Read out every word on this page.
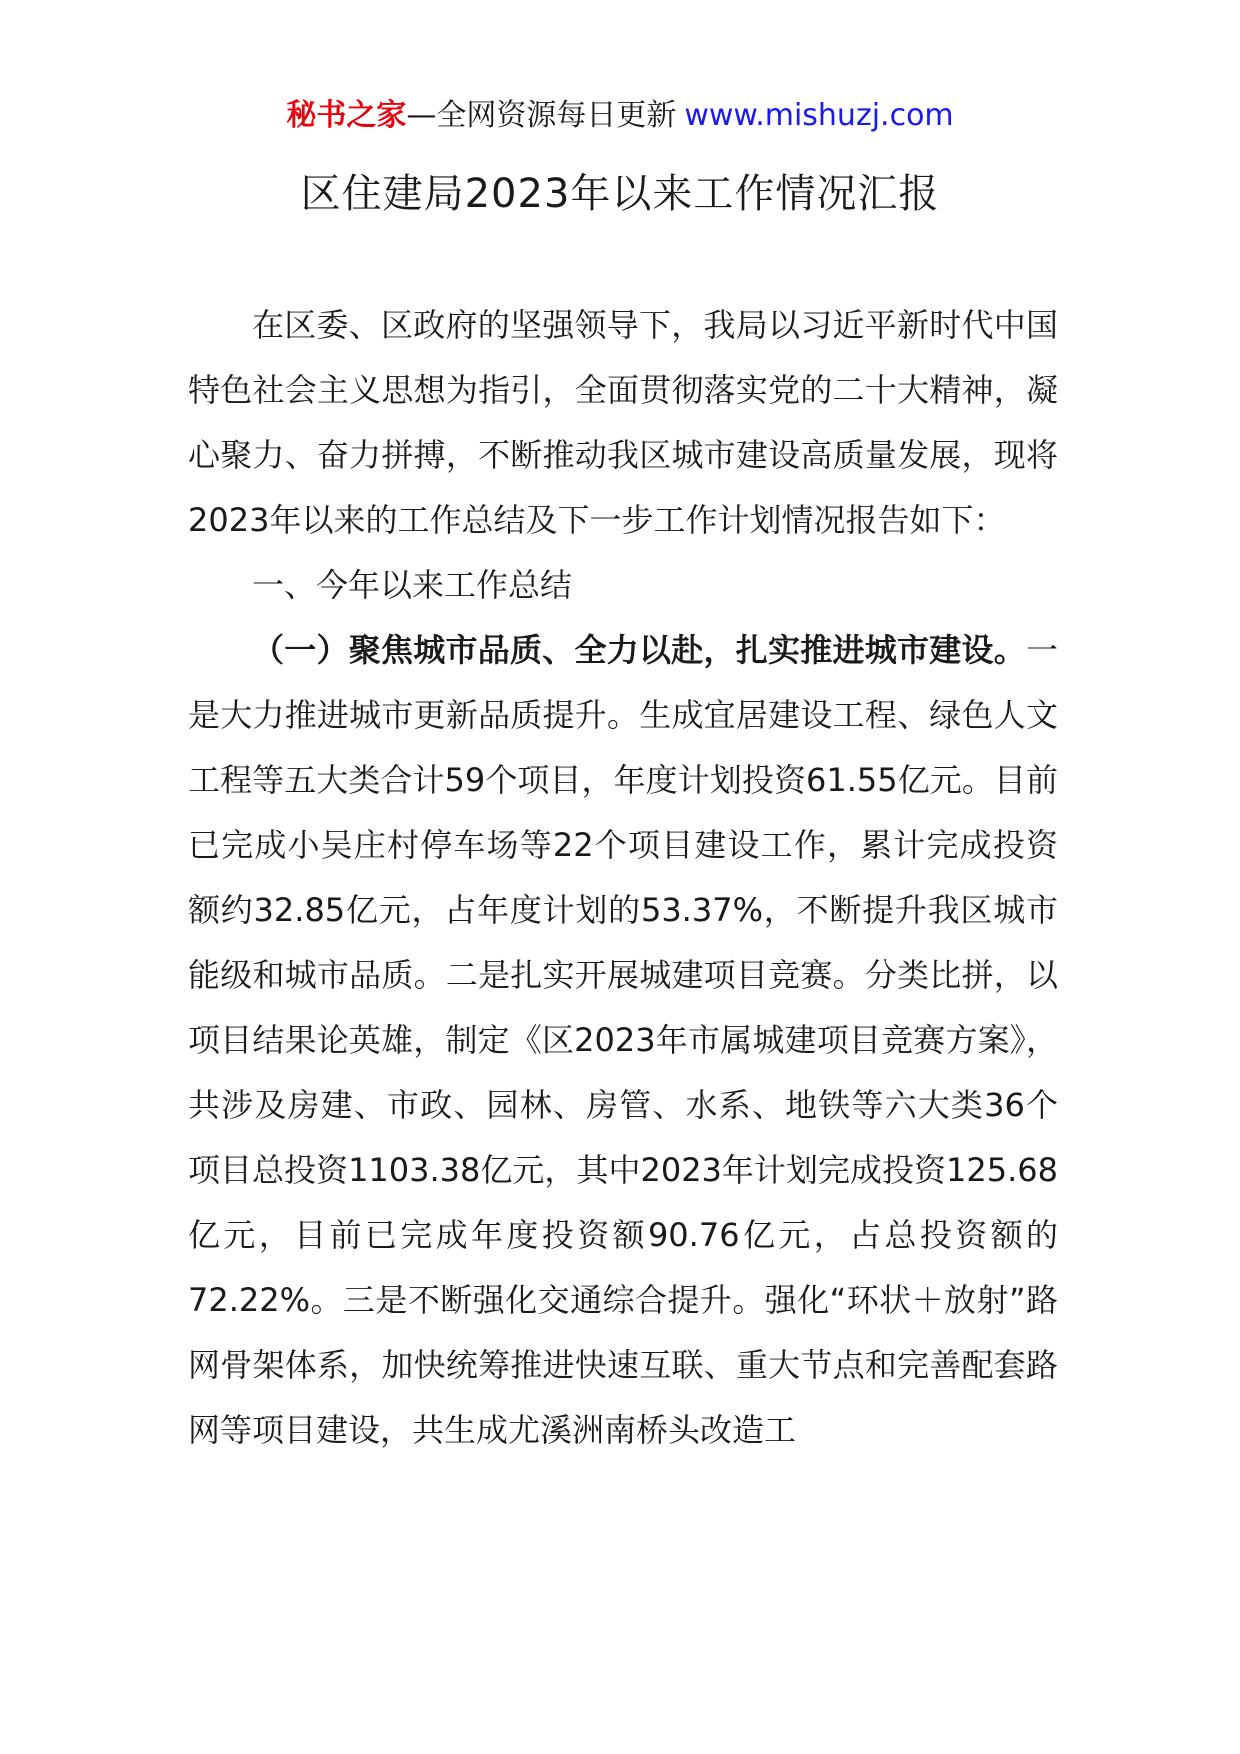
秘书之家—全网资源每日更新 www.mishuzj.com
区住建局2023年以来工作情况汇报

在区委、区政府的坚强领导下，我局以习近平新时代中国特色社会主义思想为指引，全面贯彻落实党的二十大精神，凝心聚力、奋力拼搏，不断推动我区城市建设高质量发展，现将2023年以来的工作总结及下一步工作计划情况报告如下：

一、今年以来工作总结

（一）聚焦城市品质、全力以赴，扎实推进城市建设。一是大力推进城市更新品质提升。生成宜居建设工程、绿色人文工程等五大类合计59个项目，年度计划投资61.55亿元。目前已完成小吴庄村停车场等22个项目建设工作，累计完成投资额约32.85亿元，占年度计划的53.37%，不断提升我区城市能级和城市品质。二是扎实开展城建项目竞赛。分类比拼，以项目结果论英雄，制定《区2023年市属城建项目竞赛方案》，共涉及房建、市政、园林、房管、水系、地铁等六大类36个项目总投资1103.38亿元，其中2023年计划完成投资125.68亿元，目前已完成年度投资额90.76亿元，占总投资额的72.22%。三是不断强化交通综合提升。强化“环状＋放射”路网骨架体系，加快统筹推进快速互联、重大节点和完善配套路网等项目建设，共生成尤溪洲南桥头改造工
